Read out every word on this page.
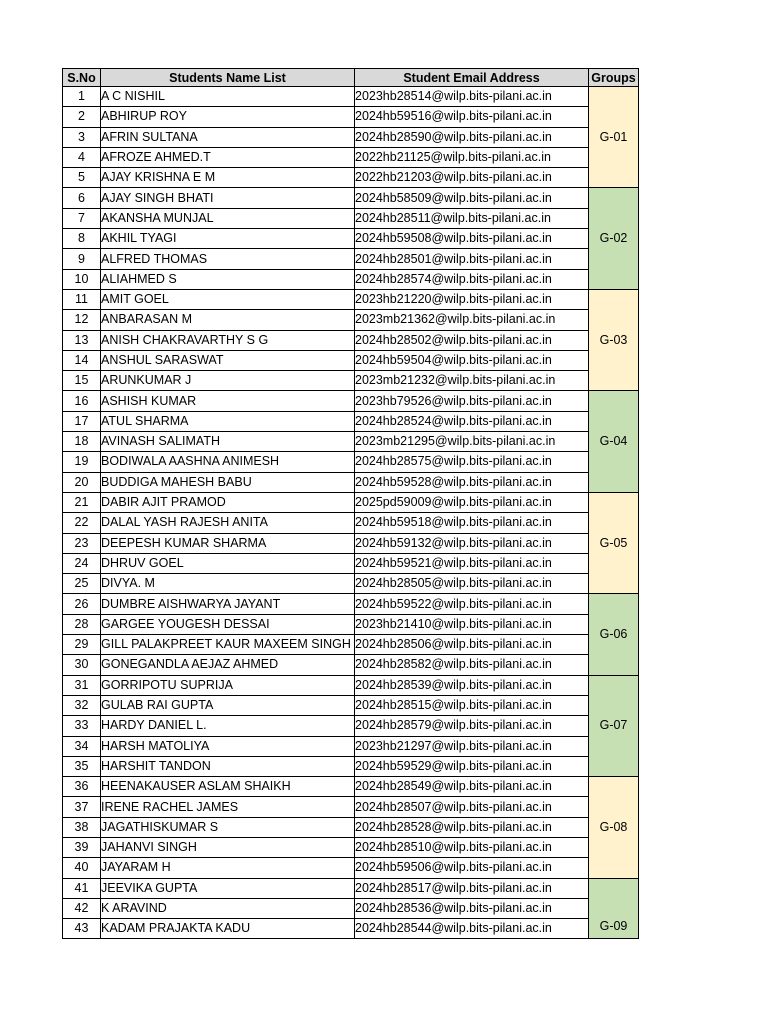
S.No	Students Name List	Student Email Address	Groups
1	A C NISHIL	2023hb28514@wilp.bits-pilani.ac.in	G-01
2	ABHIRUP ROY	2024hb59516@wilp.bits-pilani.ac.in	
3	AFRIN SULTANA	2024hb28590@wilp.bits-pilani.ac.in	
4	AFROZE AHMED.T	2022hb21125@wilp.bits-pilani.ac.in	
5	AJAY KRISHNA E M	2022hb21203@wilp.bits-pilani.ac.in	
6	AJAY SINGH BHATI	2024hb58509@wilp.bits-pilani.ac.in	G-02
7	AKANSHA MUNJAL	2024hb28511@wilp.bits-pilani.ac.in	
8	AKHIL TYAGI	2024hb59508@wilp.bits-pilani.ac.in	
9	ALFRED THOMAS	2024hb28501@wilp.bits-pilani.ac.in	
10	ALIAHMED S	2024hb28574@wilp.bits-pilani.ac.in	
11	AMIT GOEL	2023hb21220@wilp.bits-pilani.ac.in	G-03
12	ANBARASAN M	2023mb21362@wilp.bits-pilani.ac.in	
13	ANISH CHAKRAVARTHY S G	2024hb28502@wilp.bits-pilani.ac.in	
14	ANSHUL SARASWAT	2024hb59504@wilp.bits-pilani.ac.in	
15	ARUNKUMAR J	2023mb21232@wilp.bits-pilani.ac.in	
16	ASHISH KUMAR	2023hb79526@wilp.bits-pilani.ac.in	G-04
17	ATUL SHARMA	2024hb28524@wilp.bits-pilani.ac.in	
18	AVINASH SALIMATH	2023mb21295@wilp.bits-pilani.ac.in	
19	BODIWALA AASHNA ANIMESH	2024hb28575@wilp.bits-pilani.ac.in	
20	BUDDIGA MAHESH BABU	2024hb59528@wilp.bits-pilani.ac.in	
21	DABIR AJIT PRAMOD	2025pd59009@wilp.bits-pilani.ac.in	G-05
22	DALAL YASH RAJESH ANITA	2024hb59518@wilp.bits-pilani.ac.in	
23	DEEPESH KUMAR SHARMA	2024hb59132@wilp.bits-pilani.ac.in	
24	DHRUV GOEL	2024hb59521@wilp.bits-pilani.ac.in	
25	DIVYA. M	2024hb28505@wilp.bits-pilani.ac.in	
26	DUMBRE AISHWARYA JAYANT	2024hb59522@wilp.bits-pilani.ac.in	G-06
28	GARGEE YOUGESH DESSAI	2023hb21410@wilp.bits-pilani.ac.in	
29	GILL PALAKPREET KAUR MAXEEM SINGH	2024hb28506@wilp.bits-pilani.ac.in	
30	GONEGANDLA AEJAZ AHMED	2024hb28582@wilp.bits-pilani.ac.in	
31	GORRIPOTU SUPRIJA	2024hb28539@wilp.bits-pilani.ac.in	G-07
32	GULAB RAI GUPTA	2024hb28515@wilp.bits-pilani.ac.in	
33	HARDY DANIEL L.	2024hb28579@wilp.bits-pilani.ac.in	
34	HARSH MATOLIYA	2023hb21297@wilp.bits-pilani.ac.in	
35	HARSHIT TANDON	2024hb59529@wilp.bits-pilani.ac.in	
36	HEENAKAUSER ASLAM SHAIKH	2024hb28549@wilp.bits-pilani.ac.in	G-08
37	IRENE RACHEL JAMES	2024hb28507@wilp.bits-pilani.ac.in	
38	JAGATHISKUMAR S	2024hb28528@wilp.bits-pilani.ac.in	
39	JAHANVI SINGH	2024hb28510@wilp.bits-pilani.ac.in	
40	JAYARAM H	2024hb59506@wilp.bits-pilani.ac.in	
41	JEEVIKA GUPTA	2024hb28517@wilp.bits-pilani.ac.in	G-09
42	K ARAVIND	2024hb28536@wilp.bits-pilani.ac.in	
43	KADAM PRAJAKTA KADU	2024hb28544@wilp.bits-pilani.ac.in	
